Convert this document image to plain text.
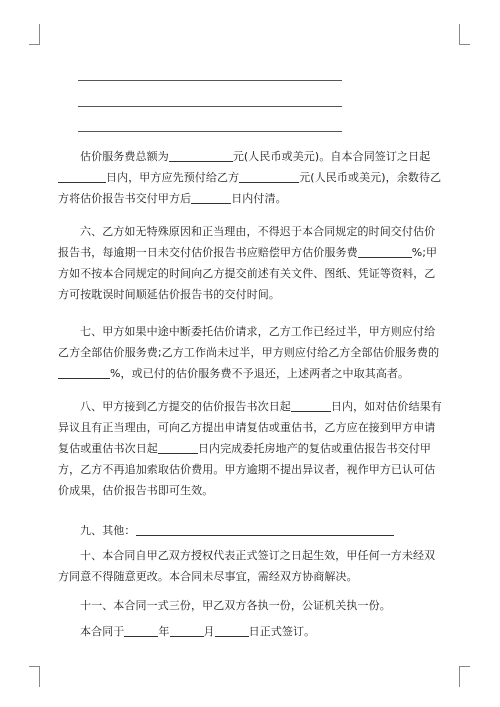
估价服务费总额为	元(人民币或美元)。自本合同签订之日起日内，甲方应先预付给乙方	元(人民币或美元)，余数待乙方将估价报告书交付甲方后	日内付清。

六、乙方如无特殊原因和正当理由，不得迟于本合同规定的时间交付估价报告书，每逾期一日未交付估价报告书应赔偿甲方估价服务费	%;甲方如不按本合同规定的时间向乙方提交前述有关文件、图纸、凭证等资料，乙方可按耽误时间顺延估价报告书的交付时间。

七、甲方如果中途中断委托估价请求，乙方工作已经过半，甲方则应付给乙方全部估价服务费;乙方工作尚未过半，甲方则应付给乙方全部估价服务费的%，或已付的估价服务费不予退还，上述两者之中取其高者。

八、甲方接到乙方提交的估价报告书次日起	日内，如对估价结果有异议且有正当理由，可向乙方提出申请复估或重估书，乙方应在接到甲方申请复估或重估书次日起	日内完成委托房地产的复估或重估报告书交付甲方，乙方不再追加索取估价费用。甲方逾期不提出异议者，视作甲方已认可估价成果，估价报告书即可生效。

九、其他：

十、本合同自甲乙双方授权代表正式签订之日起生效，甲任何一方未经双方同意不得随意更改。本合同未尽事宜，需经双方协商解决。

十一、本合同一式三份，甲乙双方各执一份，公证机关执一份。

本合同于	年	月	日正式签订。
